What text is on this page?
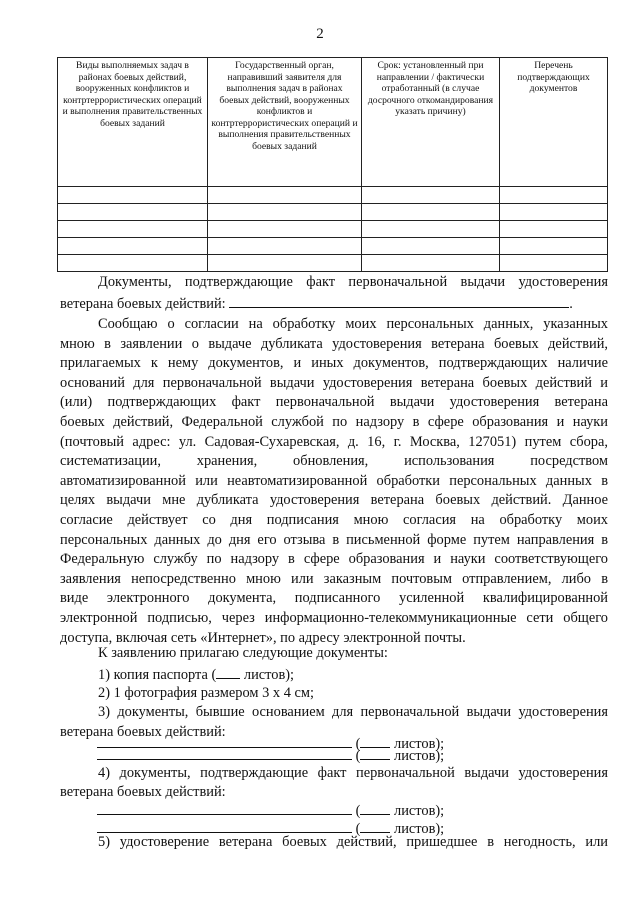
2
Виды выполняемых задач в районах боевых действий, вооруженных конфликтов и контртеррористических операций и выполнения правительственных боевых заданий	Государственный орган, направивший заявителя для выполнения задач в районах боевых действий, вооруженных конфликтов и контртеррористических операций и выполнения правительственных боевых заданий	Срок: установленный при направлении / фактически отработанный (в случае досрочного откомандирования указать причину)	Перечень подтверждающих документов

Документы, подтверждающие факт первоначальной выдачи удостоверения
ветерана боевых действий:	.
Сообщаю о согласии на обработку моих персональных данных, указанных
мною в заявлении о выдаче дубликата удостоверения ветерана боевых действий,
прилагаемых к нему документов, и иных документов, подтверждающих наличие
оснований для первоначальной выдачи удостоверения ветерана боевых действий и
(или) подтверждающих факт первоначальной выдачи удостоверения ветерана
боевых действий, Федеральной службой по надзору в сфере образования и науки
(почтовый адрес: ул. Садовая-Сухаревская, д. 16, г. Москва, 127051) путем сбора,
систематизации, хранения, обновления, использования посредством
автоматизированной или неавтоматизированной обработки персональных данных в
целях выдачи мне дубликата удостоверения ветерана боевых действий. Данное
согласие действует со дня подписания мною согласия на обработку моих
персональных данных до дня его отзыва в письменной форме путем направления в
Федеральную службу по надзору в сфере образования и науки соответствующего
заявления непосредственно мною или заказным почтовым отправлением, либо в
виде электронного документа, подписанного усиленной квалифицированной
электронной подписью, через информационно-телекоммуникационные сети общего
доступа, включая сеть «Интернет», по адресу электронной почты.
К заявлению прилагаю следующие документы:
1) копия паспорта ( листов);
2) 1 фотография размером 3 х 4 см;
3) документы, бывшие основанием для первоначальной выдачи удостоверения
ветерана боевых действий:
( листов);
( листов);
4) документы, подтверждающие факт первоначальной выдачи удостоверения
ветерана боевых действий:
( листов);
( листов);
5) удостоверение ветерана боевых действий, пришедшее в негодность, или
